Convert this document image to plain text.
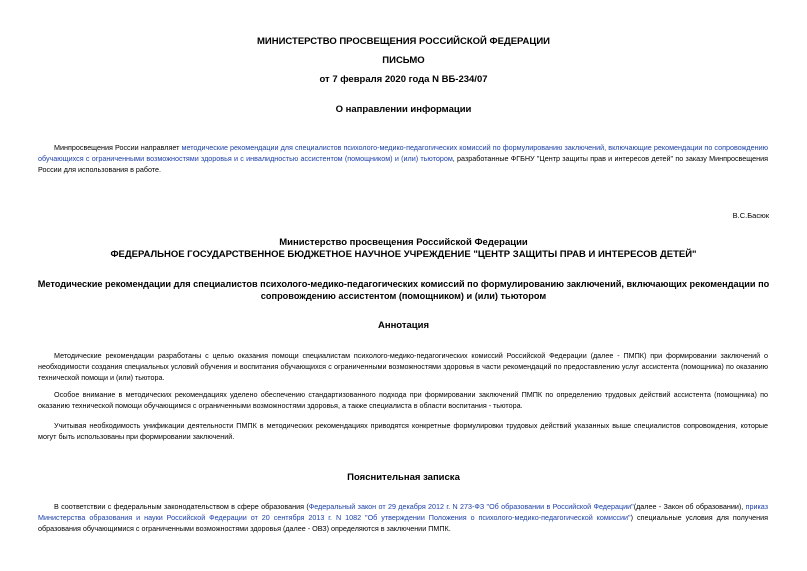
МИНИСТЕРСТВО ПРОСВЕЩЕНИЯ РОССИЙСКОЙ ФЕДЕРАЦИИ
ПИСЬМО
от 7 февраля 2020 года N ВБ-234/07
О направлении информации
Минпросвещения России направляет методические рекомендации для специалистов психолого-медико-педагогических комиссий по формулированию заключений, включающие рекомендации по сопровождению обучающихся с ограниченными возможностями здоровья и с инвалидностью ассистентом (помощником) и (или) тьютором, разработанные ФГБНУ "Центр защиты прав и интересов детей" по заказу Минпросвещения России для использования в работе.
В.С.Басюк
Министерство просвещения Российской Федерации
ФЕДЕРАЛЬНОЕ ГОСУДАРСТВЕННОЕ БЮДЖЕТНОЕ НАУЧНОЕ УЧРЕЖДЕНИЕ "ЦЕНТР ЗАЩИТЫ ПРАВ И ИНТЕРЕСОВ ДЕТЕЙ"
Методические рекомендации для специалистов психолого-медико-педагогических комиссий по формулированию заключений, включающих рекомендации по
сопровождению ассистентом (помощником) и (или) тьютором
Аннотация
Методические рекомендации разработаны с целью оказания помощи специалистам психолого-медико-педагогических комиссий Российской Федерации (далее - ПМПК) при формировании заключений о необходимости создания специальных условий обучения и воспитания обучающихся с ограниченными возможностями здоровья в части рекомендаций по предоставлению услуг ассистента (помощника) по оказанию технической помощи и (или) тьютора.
Особое внимание в методических рекомендациях уделено обеспечению стандартизованного подхода при формировании заключений ПМПК по определению трудовых действий ассистента (помощника) по оказанию технической помощи обучающимся с ограниченными возможностями здоровья, а также специалиста в области воспитания - тьютора.
Учитывая необходимость унификации деятельности ПМПК в методических рекомендациях приводятся конкретные формулировки трудовых действий указанных выше специалистов сопровождения, которые могут быть использованы при формировании заключений.
Пояснительная записка
В соответствии с федеральным законодательством в сфере образования (Федеральный закон от 29 декабря 2012 г. N 273-ФЗ "Об образовании в Российской Федерации"(далее - Закон об образовании), приказ Министерства образования и науки Российской Федерации от 20 сентября 2013 г. N 1082 "Об утверждении Положения о психолого-медико-педагогической комиссии") специальные условия для получения образования обучающимися с ограниченными возможностями здоровья (далее - ОВЗ) определяются в заключении ПМПК.
